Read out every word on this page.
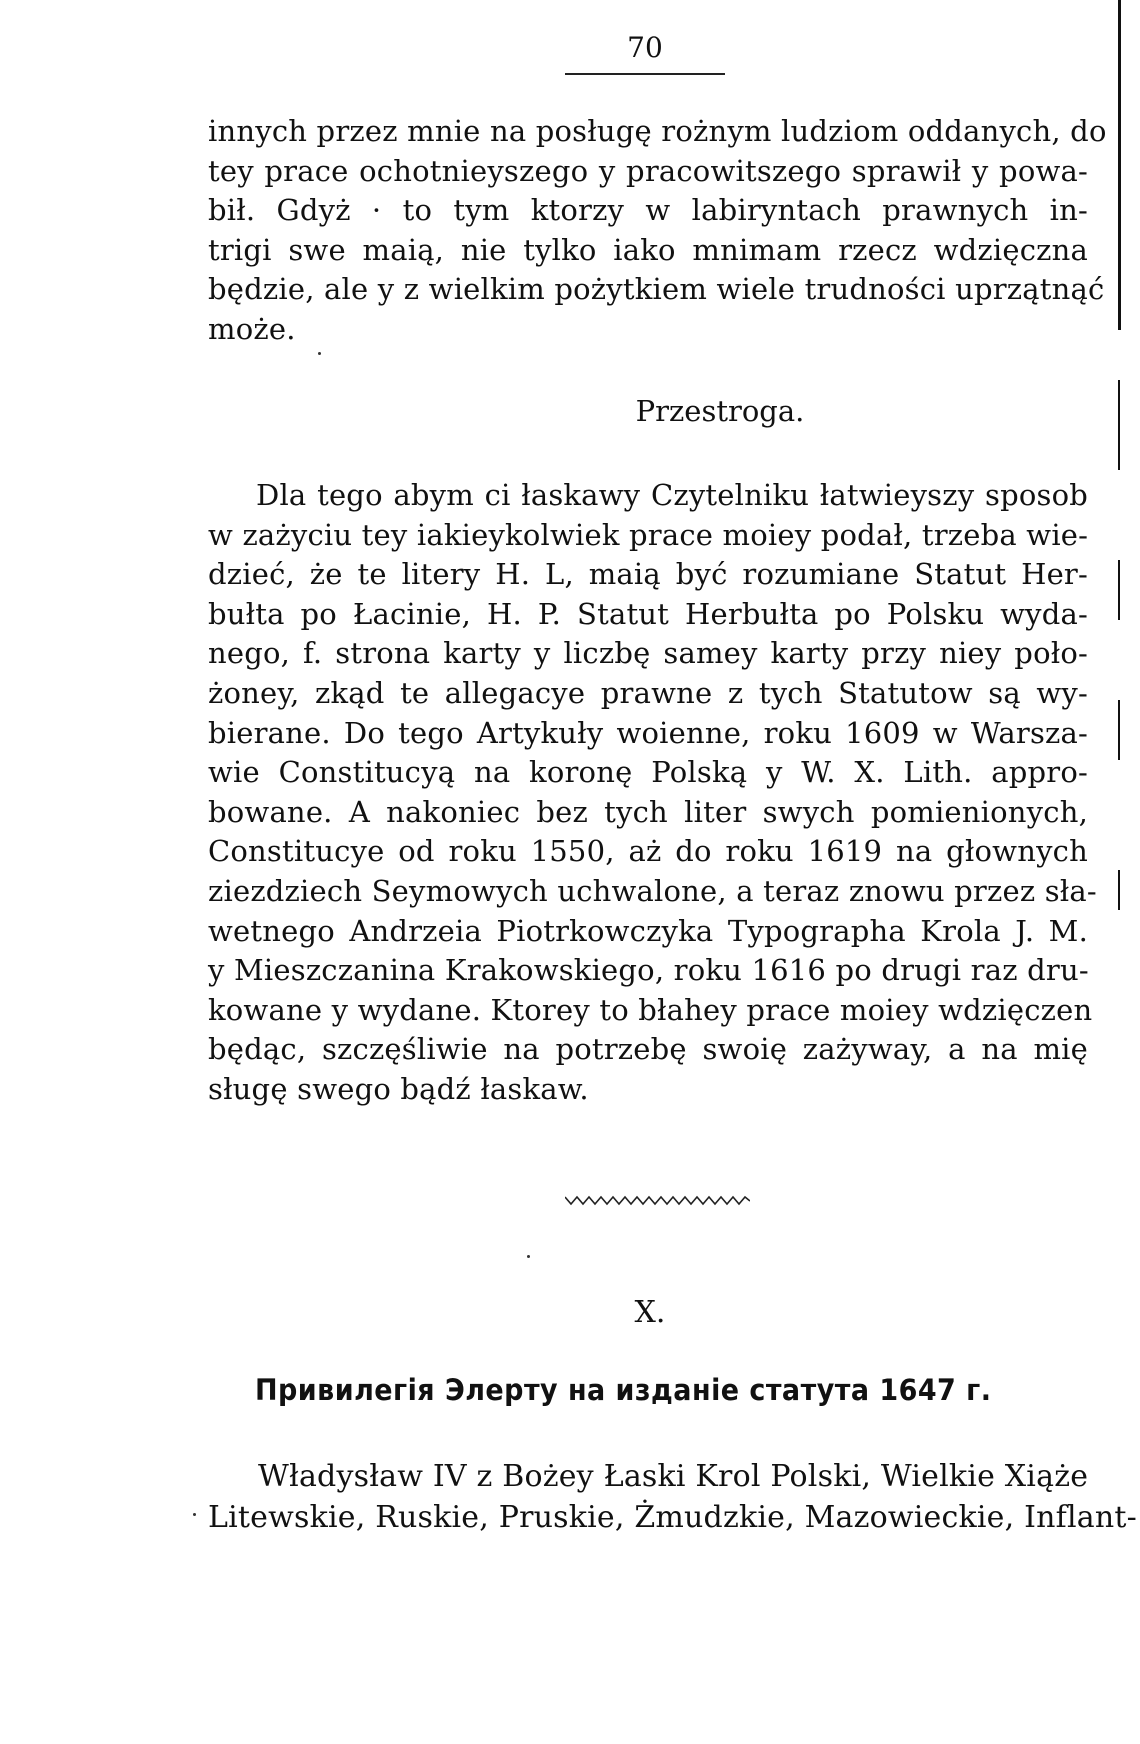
70
innych przez mnie na posługę rożnym ludziom oddanych, do
tey prace ochotnieyszego y pracowitszego sprawił y powa-
bił. Gdyż · to tym ktorzy w labiryntach prawnych in-
trigi swe maią, nie tylko iako mnimam rzecz wdzięczna
będzie, ale y z wielkim pożytkiem wiele trudności uprzątnąć
może.
Przestroga.
Dla tego abym ci łaskawy Czytelniku łatwieyszy sposob
w zażyciu tey iakieykolwiek prace moiey podał, trzeba wie-
dzieć, że te litery H. L, maią być rozumiane Statut Her-
bułta po Łacinie, H. P. Statut Herbułta po Polsku wyda-
nego, f. strona karty y liczbę samey karty przy niey poło-
żoney, zkąd te allegacye prawne z tych Statutow są wy-
bierane. Do tego Artykuły woienne, roku 1609 w Warsza-
wie Constitucyą na koronę Polską y W. X. Lith. appro-
bowane. A nakoniec bez tych liter swych pomienionych,
Constitucye od roku 1550, aż do roku 1619 na głownych
ziezdziech Seymowych uchwalone, a teraz znowu przez sła-
wetnego Andrzeia Piotrkowczyka Typographa Krola J. M.
y Mieszczanina Krakowskiego, roku 1616 po drugi raz dru-
kowane y wydane. Ktorey to błahey prace moiey wdzięczen
będąc, szczęśliwie na potrzebę swoię zażyway, a na mię
sługę swego bądź łaskaw.
X.
Привилегія Элерту на изданіе статута 1647 г.
Władysław IV z Bożey Łaski Krol Polski, Wielkie Xiąże
Litewskie, Ruskie, Pruskie, Żmudzkie, Mazowieckie, Inflant-
